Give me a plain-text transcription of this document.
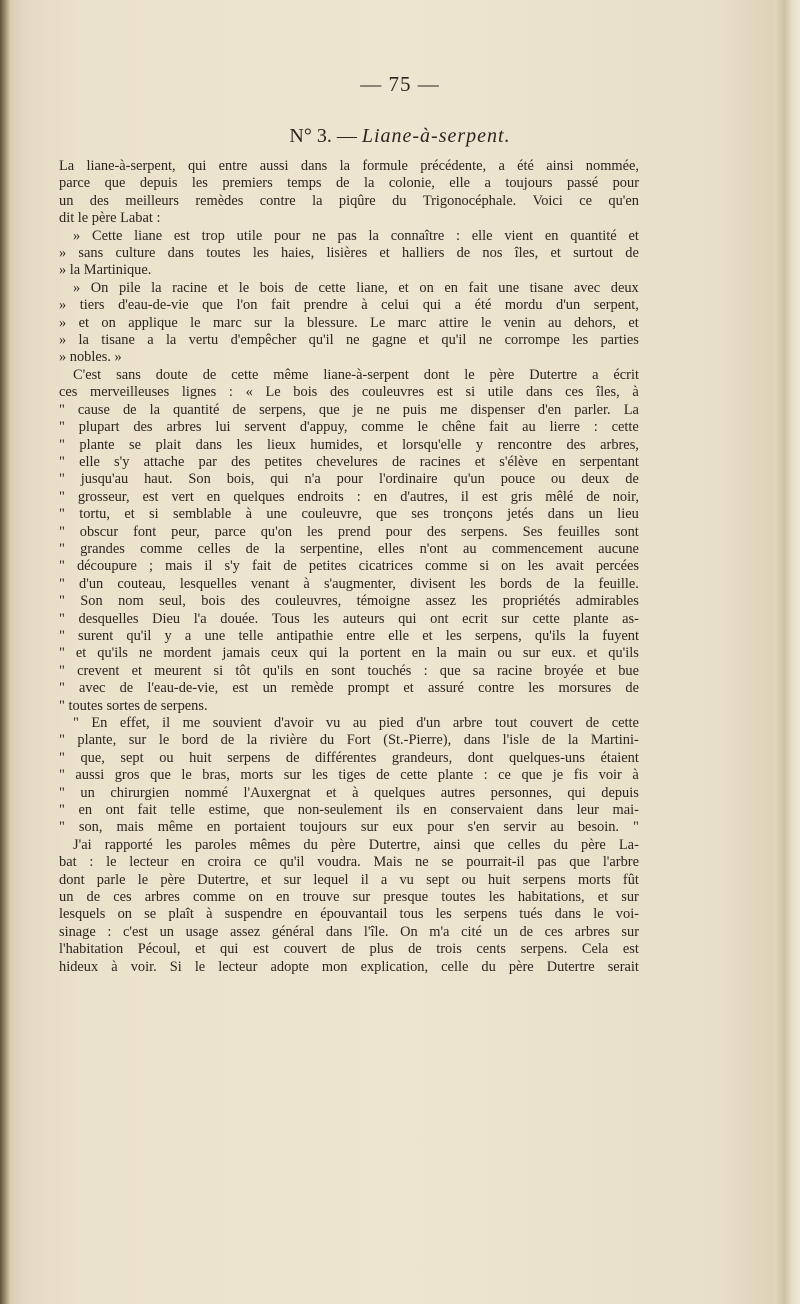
— 75 —
N° 3. — Liane-à-serpent.
La liane-à-serpent, qui entre aussi dans la formule précédente, a été ainsi nommée,
parce que depuis les premiers temps de la colonie, elle a toujours passé pour
un des meilleurs remèdes contre la piqûre du Trigonocéphale. Voici ce qu'en
dit le père Labat :
» Cette liane est trop utile pour ne pas la connaître : elle vient en quantité et
» sans culture dans toutes les haies, lisières et halliers de nos îles, et surtout de
» la Martinique.
» On pile la racine et le bois de cette liane, et on en fait une tisane avec deux
» tiers d'eau-de-vie que l'on fait prendre à celui qui a été mordu d'un serpent,
» et on applique le marc sur la blessure. Le marc attire le venin au dehors, et
» la tisane a la vertu d'empêcher qu'il ne gagne et qu'il ne corrompe les parties
» nobles. »
C'est sans doute de cette même liane-à-serpent dont le père Dutertre a écrit
ces merveilleuses lignes : « Le bois des couleuvres est si utile dans ces îles, à
" cause de la quantité de serpens, que je ne puis me dispenser d'en parler. La
" plupart des arbres lui servent d'appuy, comme le chêne fait au lierre : cette
" plante se plait dans les lieux humides, et lorsqu'elle y rencontre des arbres,
" elle s'y attache par des petites chevelures de racines et s'élève en serpentant
" jusqu'au haut. Son bois, qui n'a pour l'ordinaire qu'un pouce ou deux de
" grosseur, est vert en quelques endroits : en d'autres, il est gris mêlé de noir,
" tortu, et si semblable à une couleuvre, que ses tronçons jetés dans un lieu
" obscur font peur, parce qu'on les prend pour des serpens. Ses feuilles sont
" grandes comme celles de la serpentine, elles n'ont au commencement aucune
" découpure ; mais il s'y fait de petites cicatrices comme si on les avait percées
" d'un couteau, lesquelles venant à s'augmenter, divisent les bords de la feuille.
" Son nom seul, bois des couleuvres, témoigne assez les propriétés admirables
" desquelles Dieu l'a douée. Tous les auteurs qui ont ecrit sur cette plante as-
" surent qu'il y a une telle antipathie entre elle et les serpens, qu'ils la fuyent
" et qu'ils ne mordent jamais ceux qui la portent en la main ou sur eux. et qu'ils
" crevent et meurent si tôt qu'ils en sont touchés : que sa racine broyée et bue
" avec de l'eau-de-vie, est un remède prompt et assuré contre les morsures de
" toutes sortes de serpens.
" En effet, il me souvient d'avoir vu au pied d'un arbre tout couvert de cette
" plante, sur le bord de la rivière du Fort (St.-Pierre), dans l'isle de la Martini-
" que, sept ou huit serpens de différentes grandeurs, dont quelques-uns étaient
" aussi gros que le bras, morts sur les tiges de cette plante : ce que je fis voir à
" un chirurgien nommé l'Auxergnat et à quelques autres personnes, qui depuis
" en ont fait telle estime, que non-seulement ils en conservaient dans leur mai-
" son, mais même en portaient toujours sur eux pour s'en servir au besoin. "
J'ai rapporté les paroles mêmes du père Dutertre, ainsi que celles du père La-
bat : le lecteur en croira ce qu'il voudra. Mais ne se pourrait-il pas que l'arbre
dont parle le père Dutertre, et sur lequel il a vu sept ou huit serpens morts fût
un de ces arbres comme on en trouve sur presque toutes les habitations, et sur
lesquels on se plaît à suspendre en épouvantail tous les serpens tués dans le voi-
sinage : c'est un usage assez général dans l'île. On m'a cité un de ces arbres sur
l'habitation Pécoul, et qui est couvert de plus de trois cents serpens. Cela est
hideux à voir. Si le lecteur adopte mon explication, celle du père Dutertre serait
